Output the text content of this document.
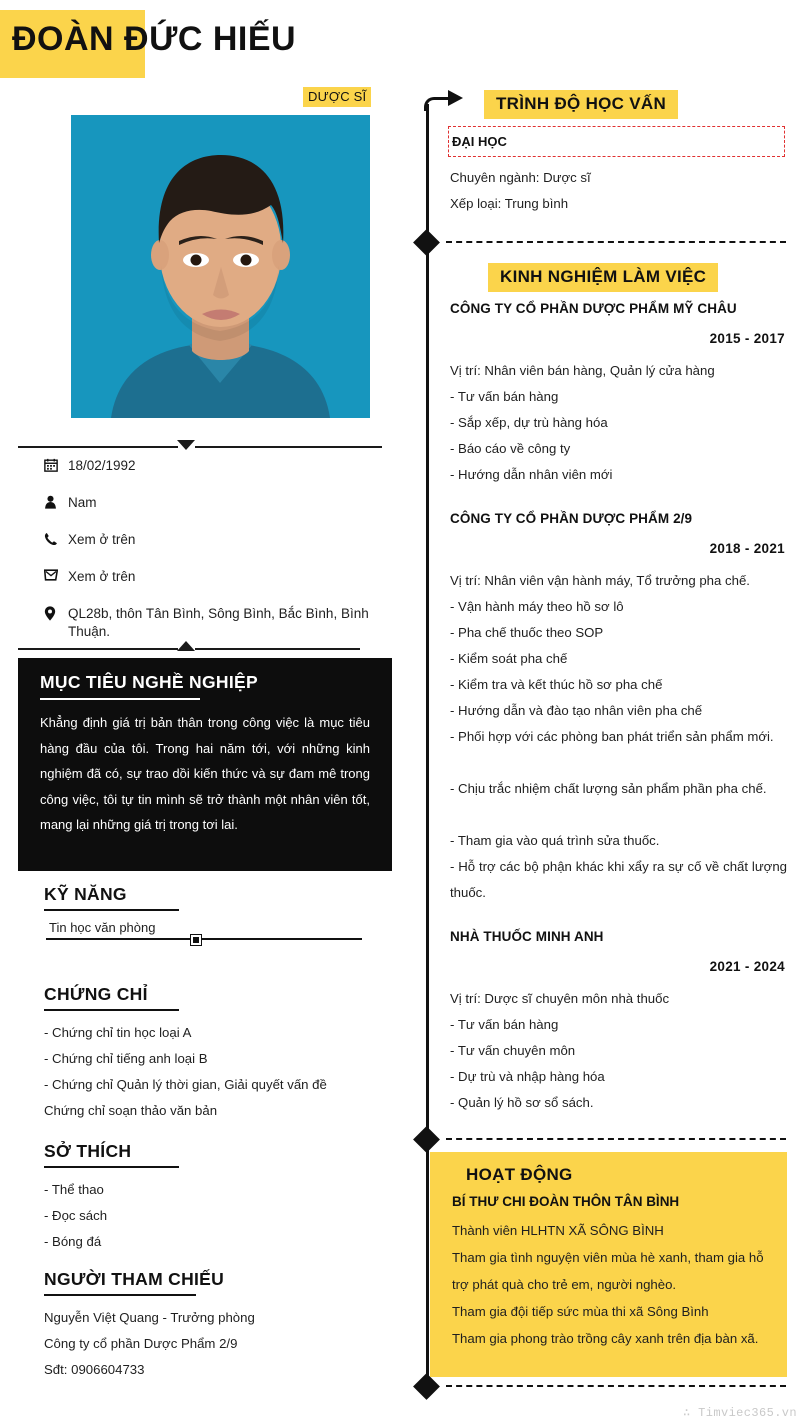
ĐOÀN ĐỨC HIẾU
DƯỢC SĨ
18/02/1992
Nam
Xem ở trên
Xem ở trên
QL28b, thôn Tân Bình, Sông Bình, Bắc Bình, Bình Thuận.
MỤC TIÊU NGHỀ NGHIỆP
Khẳng định giá trị bản thân trong công việc là mục tiêu hàng đầu của tôi. Trong hai năm tới, với những kinh nghiệm đã có, sự trao dồi kiến thức và sự đam mê trong công việc, tôi tự tin mình sẽ trở thành một nhân viên tốt, mang lại những giá trị trong tơi lai.
KỸ NĂNG
Tin học văn phòng
CHỨNG CHỈ
- Chứng chỉ tin học loại A
- Chứng chỉ tiếng anh loại B
- Chứng chỉ Quản lý thời gian, Giải quyết vấn đề
Chứng chỉ soạn thảo văn bản
SỞ THÍCH
- Thể thao
- Đọc sách
- Bóng đá
NGƯỜI THAM CHIẾU
Nguyễn Việt Quang - Trưởng phòng
Công ty cổ phần Dược Phẩm 2/9
Sđt: 0906604733
TRÌNH ĐỘ HỌC VẤN
ĐẠI HỌC
Chuyên ngành: Dược sĩ
Xếp loại: Trung bình
KINH NGHIỆM LÀM VIỆC
CÔNG TY CỔ PHẦN DƯỢC PHẨM MỸ CHÂU
2015 - 2017
Vị trí: Nhân viên bán hàng, Quản lý cửa hàng
- Tư vấn bán hàng
- Sắp xếp, dự trù hàng hóa
- Báo cáo về công ty
- Hướng dẫn nhân viên mới
CÔNG TY CỔ PHẦN DƯỢC PHẨM 2/9
2018 - 2021
Vị trí: Nhân viên vận hành máy, Tổ trưởng pha chế.
- Vận hành máy theo hồ sơ lô
- Pha chế thuốc theo SOP
- Kiểm soát pha chế
- Kiểm tra và kết thúc hồ sơ pha chế
- Hướng dẫn và đào tạo nhân viên pha chế
- Phối hợp với các phòng ban phát triển sản phẩm mới.
- Chịu trắc nhiệm chất lượng sản phẩm phần pha chế.
- Tham gia vào quá trình sửa thuốc.
- Hỗ trợ các bộ phận khác khi xẩy ra sự cố về chất lượng thuốc.
NHÀ THUỐC MINH ANH
2021 - 2024
Vị trí: Dược sĩ chuyên môn nhà thuốc
- Tư vấn bán hàng
- Tư vấn chuyên môn
- Dự trù và nhập hàng hóa
- Quản lý hồ sơ sổ sách.
HOẠT ĐỘNG
BÍ THƯ CHI ĐOÀN THÔN TÂN BÌNH
Thành viên HLHTN XÃ SÔNG BÌNH
Tham gia tình nguyện viên mùa hè xanh, tham gia hỗ trợ phát quà cho trẻ em, người nghèo.
Tham gia đội tiếp sức mùa thi xã Sông Bình
Tham gia phong trào trồng cây xanh trên địa bàn xã.
∴ Timviec365.vn
